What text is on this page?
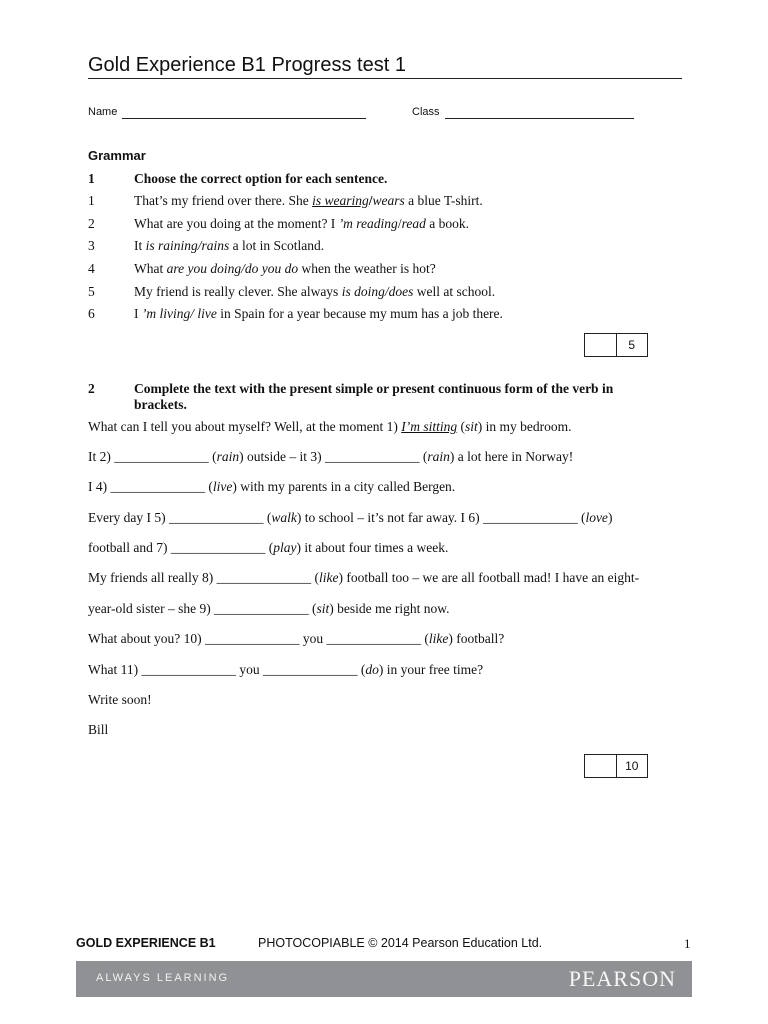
Gold Experience B1 Progress test 1
Name	Class
Grammar
1	Choose the correct option for each sentence.
1	That’s my friend over there. She is wearing/wears a blue T-shirt.
2	What are you doing at the moment? I ’m reading/read a book.
3	It is raining/rains a lot in Scotland.
4	What are you doing/do you do when the weather is hot?
5	My friend is really clever. She always is doing/does well at school.
6	I ’m living/ live in Spain for a year because my mum has a job there.
5
2	Complete the text with the present simple or present continuous form of the verb in brackets.
What can I tell you about myself? Well, at the moment 1) I’m sitting (sit) in my bedroom.
It 2) ______________ (rain) outside – it 3) ______________ (rain) a lot here in Norway!
I 4) ______________ (live) with my parents in a city called Bergen.
Every day I 5) ______________ (walk) to school – it’s not far away. I 6) ______________ (love)
football and 7) ______________ (play) it about four times a week.
My friends all really 8) ______________ (like) football too – we are all football mad! I have an eight-
year-old sister – she 9) ______________ (sit) beside me right now.
What about you? 10) ______________ you ______________ (like) football?
What 11) ______________ you ______________ (do) in your free time?
Write soon!
Bill
10
GOLD EXPERIENCE B1	PHOTOCOPIABLE © 2014 Pearson Education Ltd.	1
ALWAYS LEARNING	PEARSON
